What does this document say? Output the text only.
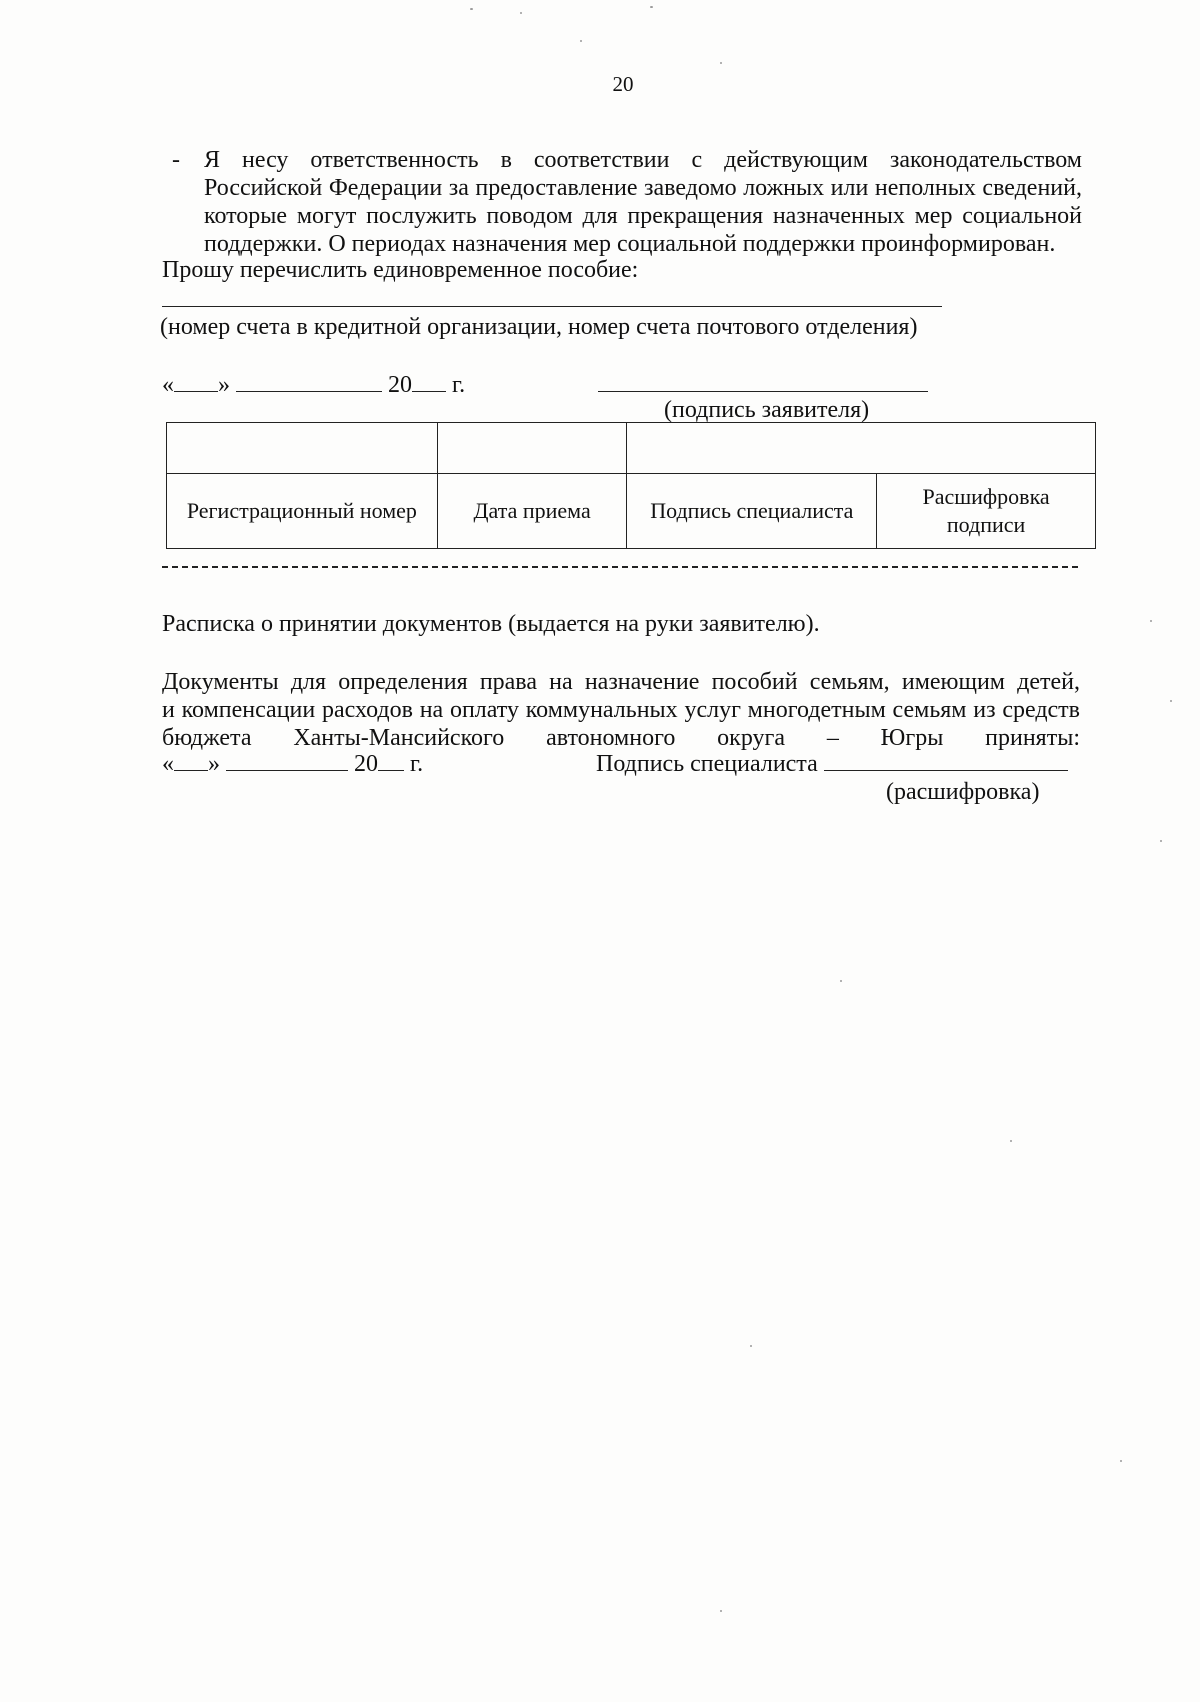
20
- Я несу ответственность в соответствии с действующим законодательством
Российской Федерации за предоставление заведомо ложных или неполных сведений,
которые могут послужить поводом для прекращения назначенных мер социальной
поддержки. О периодах назначения мер социальной поддержки проинформирован.
Прошу перечислить единовременное пособие:
(номер счета в кредитной организации, номер счета почтового отделения)
« »	20 г.
(подпись заявителя)

Регистрационный номер	Дата приема	Подпись специалиста	Расшифровка подписи
Расписка о принятии документов (выдается на руки заявителю).
Документы для определения права на назначение пособий семьям, имеющим детей,
и компенсации расходов на оплату коммунальных услуг многодетным семьям из средств
бюджета Ханты-Мансийского автономного округа – Югры приняты:
« »	20 г.	Подпись специалиста
(расшифровка)
